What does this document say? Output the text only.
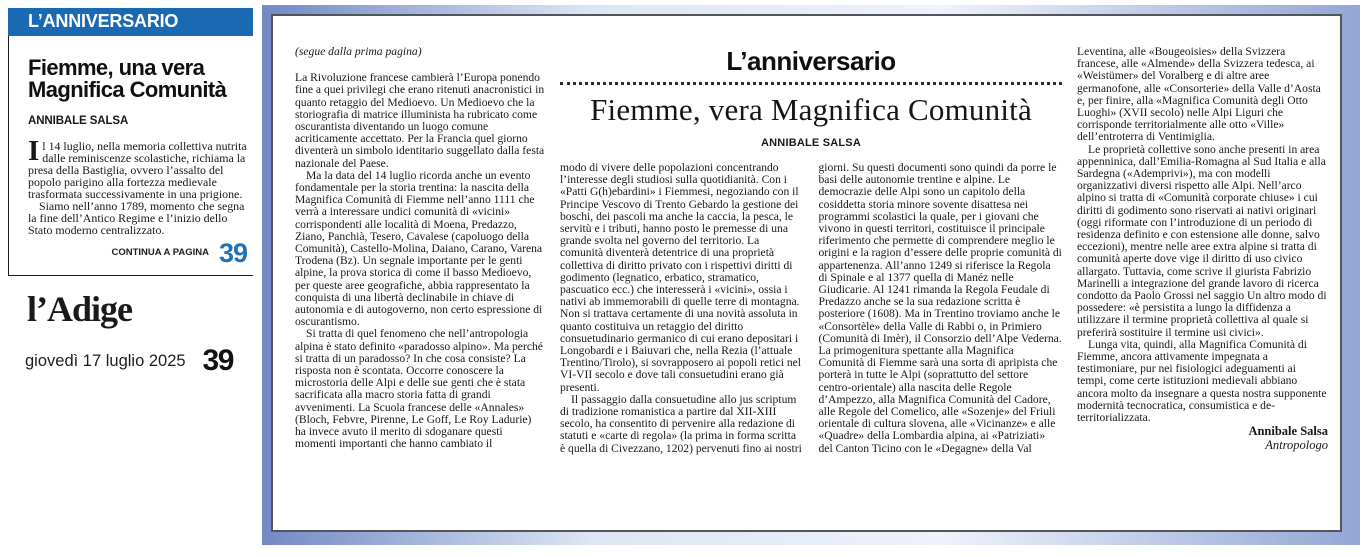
L’ANNIVERSARIO
Fiemme, una vera Magnifica Comunità
ANNIBALE SALSA

Il 14 luglio, nella memoria collettiva nutrita dalle reminiscenze scolastiche, richiama la presa della Bastiglia, ovvero l’assalto del popolo parigino alla fortezza medievale trasformata successivamente in una prigione.

Siamo nell’anno 1789, momento che segna la fine dell’Antico Regime e l’inizio dello Stato moderno centralizzato.

$^{CONTINUA A PAGINA}$ 39
l’Adige
giovedì 17 luglio 2025 39

(segue dalla prima pagina)

La Rivoluzione francese cambierà l’Europa ponendo fine a quei privilegi che erano ritenuti anacronistici in quanto retaggio del Medioevo. Un Medioevo che la storiografia di matrice illuminista ha rubricato come oscurantista diventando un luogo comune acriticamente accettato. Per la Francia quel giorno diventerà un simbolo identitario suggellato dalla festa nazionale del Paese.

Ma la data del 14 luglio ricorda anche un evento fondamentale per la storia trentina: la nascita della Magnifica Comunità di Fiemme nell’anno 1111 che verrà a interessare undici comunità di «vicini» corrispondenti alle località di Moena, Predazzo, Ziano, Panchià, Tesero, Cavalese (capoluogo della Comunità), Castello-Molina, Daiano, Carano, Varena Trodena (Bz). Un segnale importante per le genti alpine, la prova storica di come il basso Medioevo, per queste aree geografiche, abbia rappresentato la conquista di una libertà declinabile in chiave di autonomia e di autogoverno, non certo espressione di oscurantismo.

Si tratta di quel fenomeno che nell’antropologia alpina è stato definito «paradosso alpino». Ma perché si tratta di un paradosso? In che cosa consiste? La risposta non è scontata. Occorre conoscere la microstoria delle Alpi e delle sue genti che è stata sacrificata alla macro storia fatta di grandi avvenimenti. La Scuola francese delle «Annales» (Bloch, Febvre, Pirenne, Le Goff, Le Roy Ladurie) ha invece avuto il merito di sdoganare questi momenti importanti che hanno cambiato il

L’anniversario
Fiemme, vera Magnifica Comunità
ANNIBALE SALSA

modo di vivere delle popolazioni concentrando l’interesse degli studiosi sulla quotidianità. Con i «Patti G(h)ebardini» i Fiemmesi, negoziando con il Principe Vescovo di Trento Gebardo la gestione dei boschi, dei pascoli ma anche la caccia, la pesca, le servitù e i tributi, hanno posto le premesse di una grande svolta nel governo del territorio. La comunità diventerà detentrice di una proprietà collettiva di diritto privato con i rispettivi diritti di godimento (legnatico, erbatico, stramatico, pascuatico ecc.) che interesserà i «vicini», ossia i nativi ab immemorabili di quelle terre di montagna. Non si trattava certamente di una novità assoluta in quanto costituiva un retaggio del diritto consuetudinario germanico di cui erano depositari i Longobardi e i Baiuvari che, nella Rezia (l’attuale Trentino/Tirolo), si sovrapposero ai popoli retici nel VI-VII secolo e dove tali consuetudini erano già presenti.

Il passaggio dalla consuetudine allo jus scriptum di tradizione romanistica a partire dal XII-XIII secolo, ha consentito di pervenire alla redazione di statuti e «carte di regola» (la prima in forma scritta è quella di Civezzano, 1202) pervenuti fino ai nostri

giorni. Su questi documenti sono quindi da porre le basi delle autonomie trentine e alpine. Le democrazie delle Alpi sono un capitolo della cosiddetta storia minore sovente disattesa nei programmi scolastici la quale, per i giovani che vivono in questi territori, costituisce il principale riferimento che permette di comprendere meglio le origini e la ragion d’essere delle proprie comunità di appartenenza. All’anno 1249 si riferisce la Regola di Spinale e al 1377 quella di Manéz nelle Giudicarie. Al 1241 rimanda la Regola Feudale di Predazzo anche se la sua redazione scritta è posteriore (1608). Ma in Trentino troviamo anche le «Consortèle» della Valle di Rabbi o, in Primiero (Comunità di Imèr), il Consorzio dell’Alpe Vederna. La primogenitura spettante alla Magnifica Comunità di Fiemme sarà una sorta di apripista che porterà in tutte le Alpi (soprattutto del settore centro-orientale) alla nascita delle Regole d’Ampezzo, alla Magnifica Comunità del Cadore, alle Regole del Comelico, alle «Sozenje» del Friuli orientale di cultura slovena, alle «Vicinanze» e alle «Quadre» della Lombardia alpina, ai «Patriziati» del Canton Ticino con le «Degagne» della Val

Leventina, alle «Bougeoisies» della Svizzera francese, alle «Almende» della Svizzera tedesca, ai «Weistümer» del Voralberg e di altre aree germanofone, alle «Consorterie» della Valle d’Aosta e, per finire, alla «Magnifica Comunità degli Otto Luoghi» (XVII secolo) nelle Alpi Liguri che corrisponde territorialmente alle otto «Ville» dell’entroterra di Ventimiglia.

Le proprietà collettive sono anche presenti in area appenninica, dall’Emilia-Romagna al Sud Italia e alla Sardegna («Ademprivi»), ma con modelli organizzativi diversi rispetto alle Alpi. Nell’arco alpino si tratta di «Comunità corporate chiuse» i cui diritti di godimento sono riservati ai nativi originari (oggi riformate con l’introduzione di un periodo di residenza definito e con estensione alle donne, salvo eccezioni), mentre nelle aree extra alpine si tratta di comunità aperte dove vige il diritto di uso civico allargato. Tuttavia, come scrive il giurista Fabrizio Marinelli a integrazione del grande lavoro di ricerca condotto da Paolo Grossi nel saggio Un altro modo di possedere: «è persistita a lungo la diffidenza a utilizzare il termine proprietà collettiva al quale si preferirà sostituire il termine usi civici».

Lunga vita, quindi, alla Magnifica Comunità di Fiemme, ancora attivamente impegnata a testimoniare, pur nei fisiologici adeguamenti ai tempi, come certe istituzioni medievali abbiano ancora molto da insegnare a questa nostra supponente modernità tecnocratica, consumistica e de-territorializzata.

Annibale Salsa
Antropologo
